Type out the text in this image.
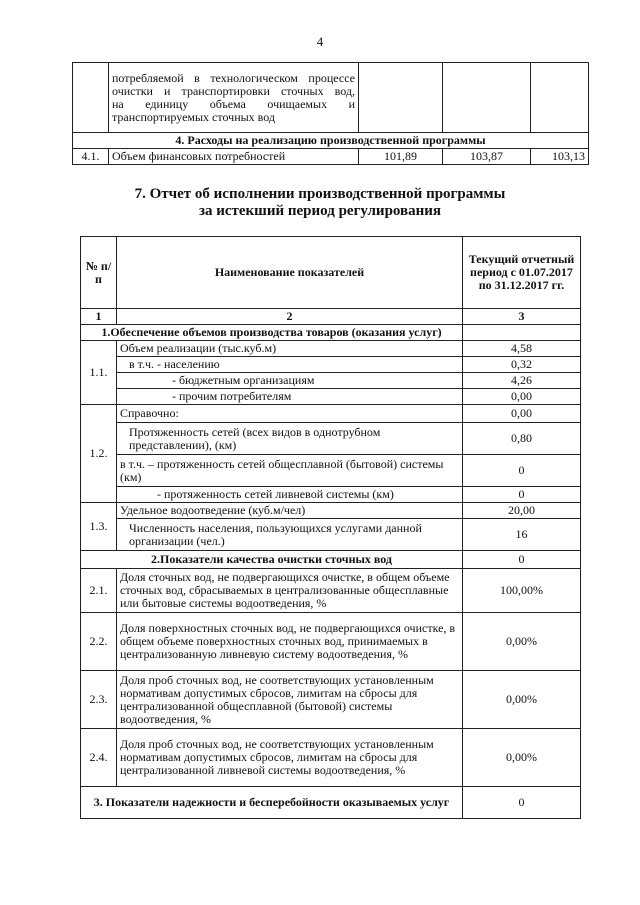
4

	потребляемой в технологическом процессе
очистки и транспортировки сточных вод,
на единицу объема очищаемых и
транспортируемых сточных вод			

4. Расходы на реализацию производственной программы				
4.1.	Объем финансовых потребностей	101,89	103,87	103,13
7. Отчет об исполнении производственной программы
за истекший период регулирования
№ п/п	Наименование показателей	Текущий отчетный период с 01.07.2017 по 31.12.2017 гг.
1	2	3
1.Обеспечение объемов производства товаров (оказания услуг)		
1.1.	Объем реализации (тыс.куб.м)	4,58
	в т.ч. - населению	0,32
	- бюджетным организациям	4,26
	- прочим потребителям	0,00
1.2.	Справочно:	0,00
	Протяженность сетей (всех видов в однотрубном представлении), (км)	0,80
	в т.ч. – протяженность сетей общесплавной (бытовой) системы (км)	0
	- протяженность сетей ливневой системы (км)	0
1.3.	Удельное водоотведение (куб.м/чел)	20,00
	Численность населения, пользующихся услугами данной организации (чел.)	16
2.Показатели качества очистки сточных вод		0
2.1.	Доля сточных вод, не подвергающихся очистке, в общем объеме сточных вод, сбрасываемых в централизованные общесплавные или бытовые системы водоотведения, %	100,00%
2.2.	Доля поверхностных сточных вод, не подвергающихся очистке, в общем объеме поверхностных сточных вод, принимаемых в централизованную ливневую систему водоотведения, %	0,00%
2.3.	Доля проб сточных вод, не соответствующих установленным нормативам допустимых сбросов, лимитам на сбросы для централизованной общесплавной (бытовой) системы водоотведения, %	0,00%
2.4.	Доля проб сточных вод, не соответствующих установленным нормативам допустимых сбросов, лимитам на сбросы для централизованной ливневой системы водоотведения, %	0,00%
3. Показатели надежности и бесперебойности оказываемых услуг		0
